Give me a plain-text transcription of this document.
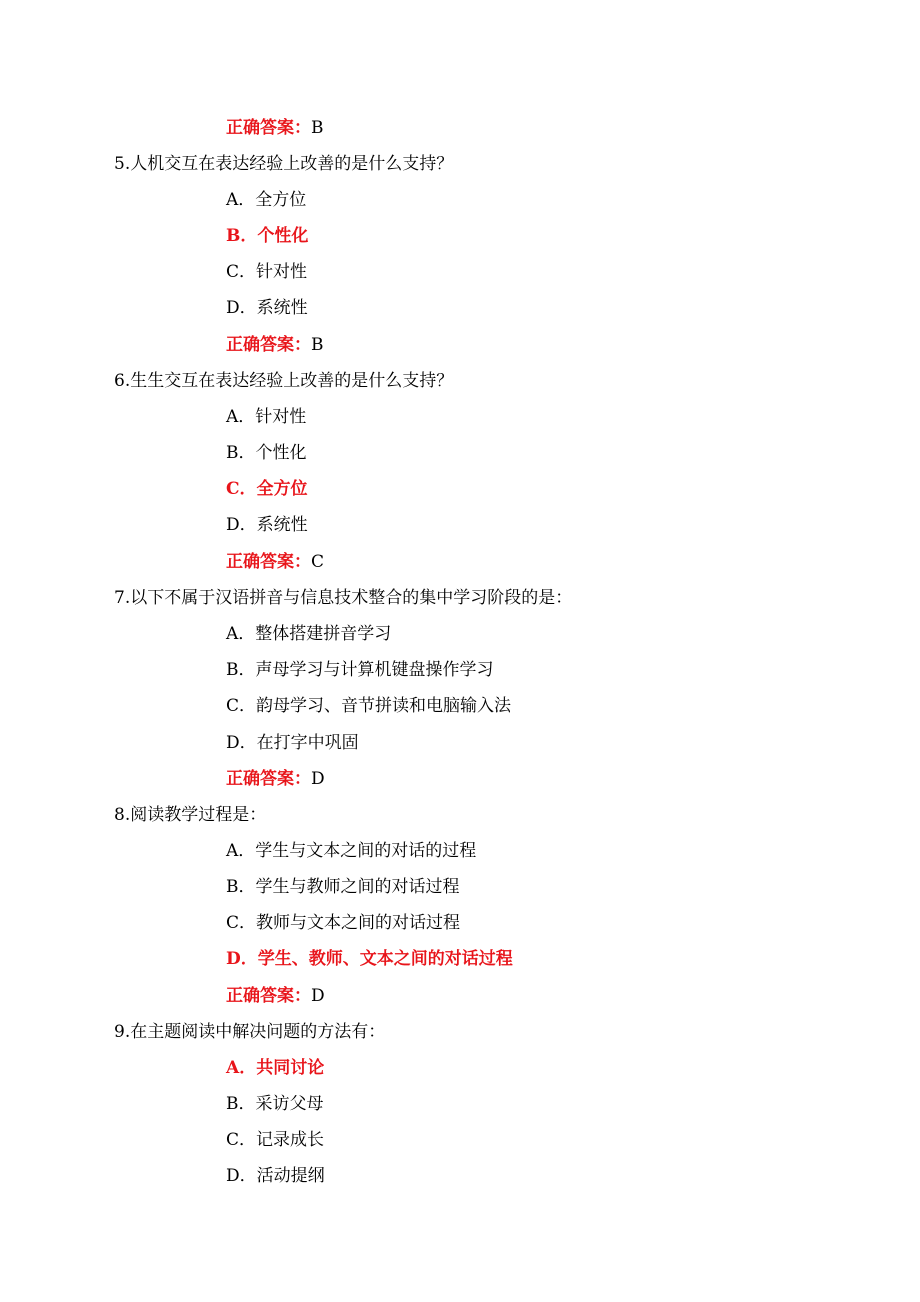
正确答案：B
5.人机交互在表达经验上改善的是什么支持？
A．全方位
B．个性化
C．针对性
D．系统性
正确答案：B
6.生生交互在表达经验上改善的是什么支持？
A．针对性
B．个性化
C．全方位
D．系统性
正确答案：C
7.以下不属于汉语拼音与信息技术整合的集中学习阶段的是：
A．整体搭建拼音学习
B．声母学习与计算机键盘操作学习
C．韵母学习、音节拼读和电脑输入法
D．在打字中巩固
正确答案：D
8.阅读教学过程是：
A．学生与文本之间的对话的过程
B．学生与教师之间的对话过程
C．教师与文本之间的对话过程
D．学生、教师、文本之间的对话过程
正确答案：D
9.在主题阅读中解决问题的方法有：
A．共同讨论
B．采访父母
C．记录成长
D．活动提纲
